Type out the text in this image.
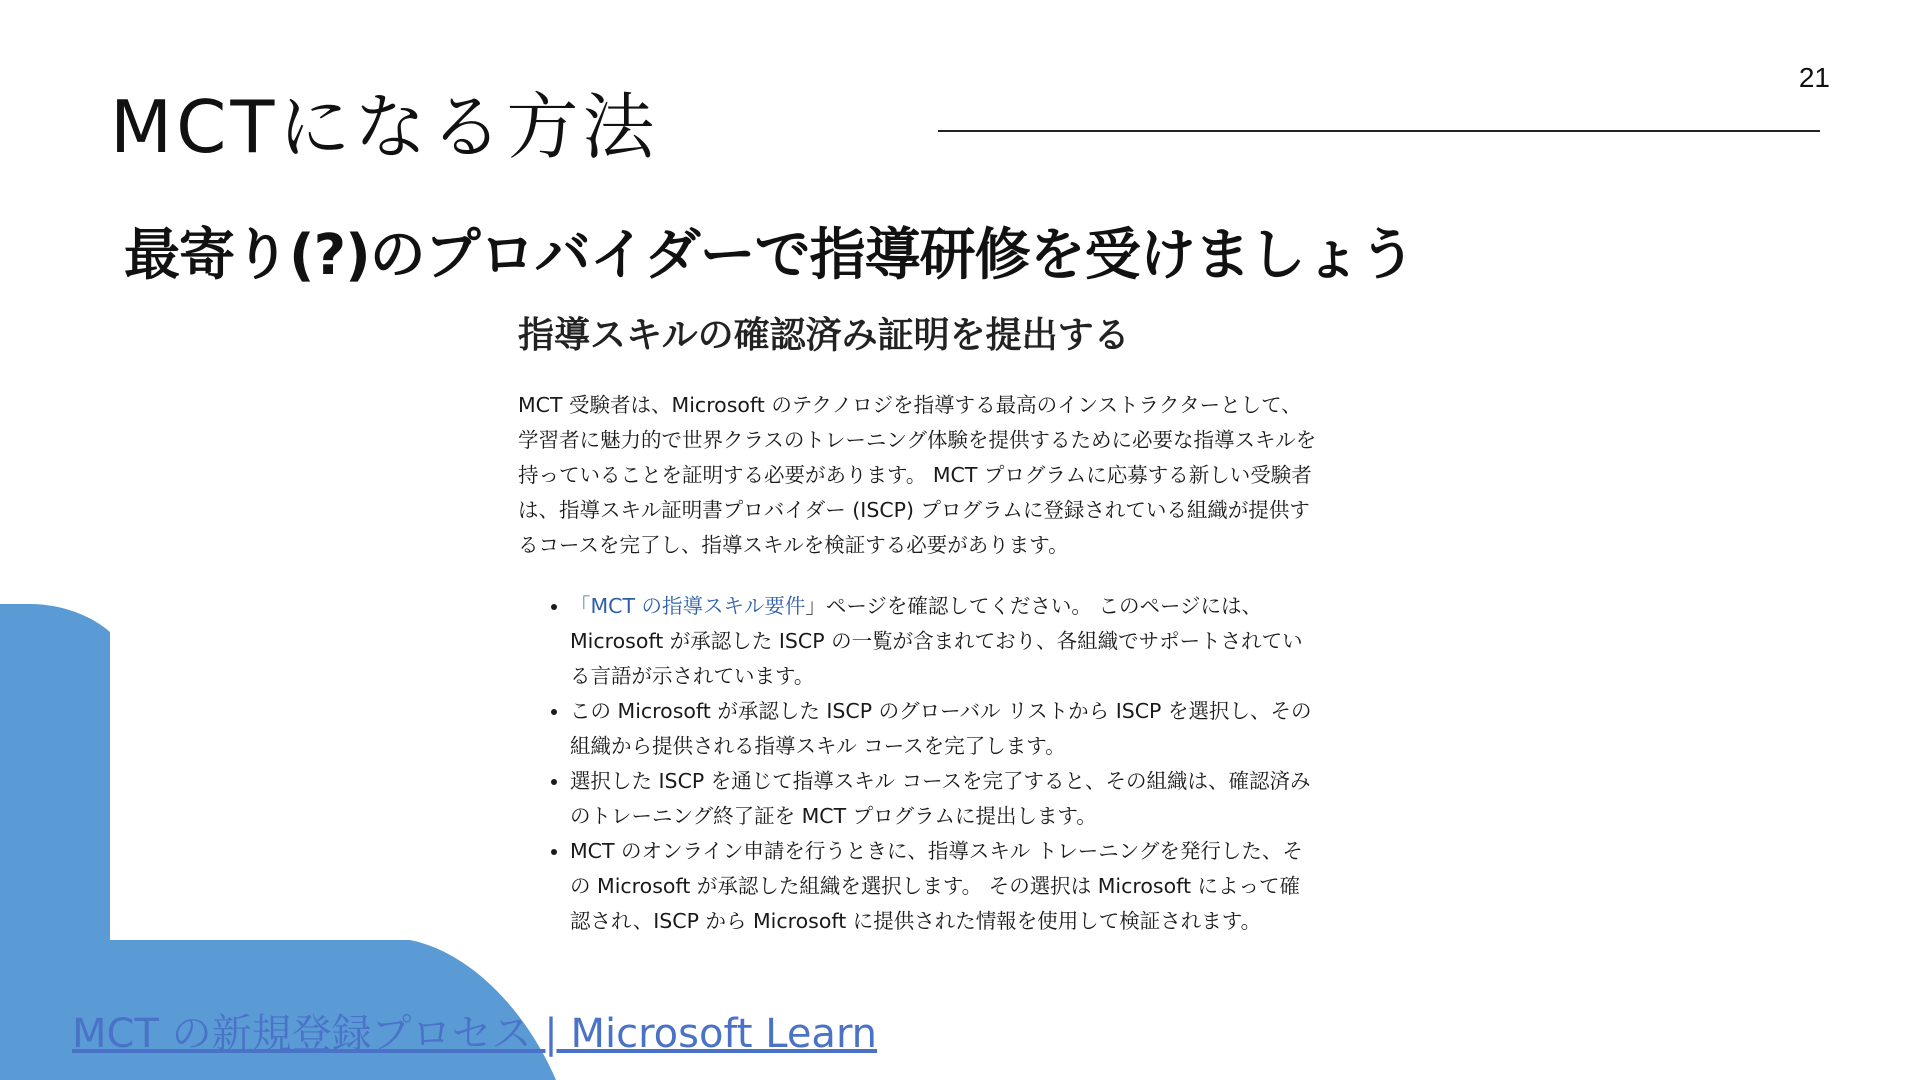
21
MCTになる方法
最寄り(?)のプロバイダーで指導研修を受けましょう
指導スキルの確認済み証明を提出する

MCT 受験者は、Microsoft のテクノロジを指導する最高のインストラクターとして、学習者に魅力的で世界クラスのトレーニング体験を提供するために必要な指導スキルを持っていることを証明する必要があります。 MCT プログラムに応募する新しい受験者は、指導スキル証明書プロバイダー (ISCP) プログラムに登録されている組織が提供するコースを完了し、指導スキルを検証する必要があります。

• 「MCT の指導スキル要件」ページを確認してください。 このページには、Microsoft が承認した ISCP の一覧が含まれており、各組織でサポートされている言語が示されています。
• この Microsoft が承認した ISCP のグローバル リストから ISCP を選択し、その組織から提供される指導スキル コースを完了します。
• 選択した ISCP を通じて指導スキル コースを完了すると、その組織は、確認済みのトレーニング終了証を MCT プログラムに提出します。
• MCT のオンライン申請を行うときに、指導スキル トレーニングを発行した、その Microsoft が承認した組織を選択します。 その選択は Microsoft によって確認され、ISCP から Microsoft に提供された情報を使用して検証されます。
MCT の新規登録プロセス | Microsoft Learn
